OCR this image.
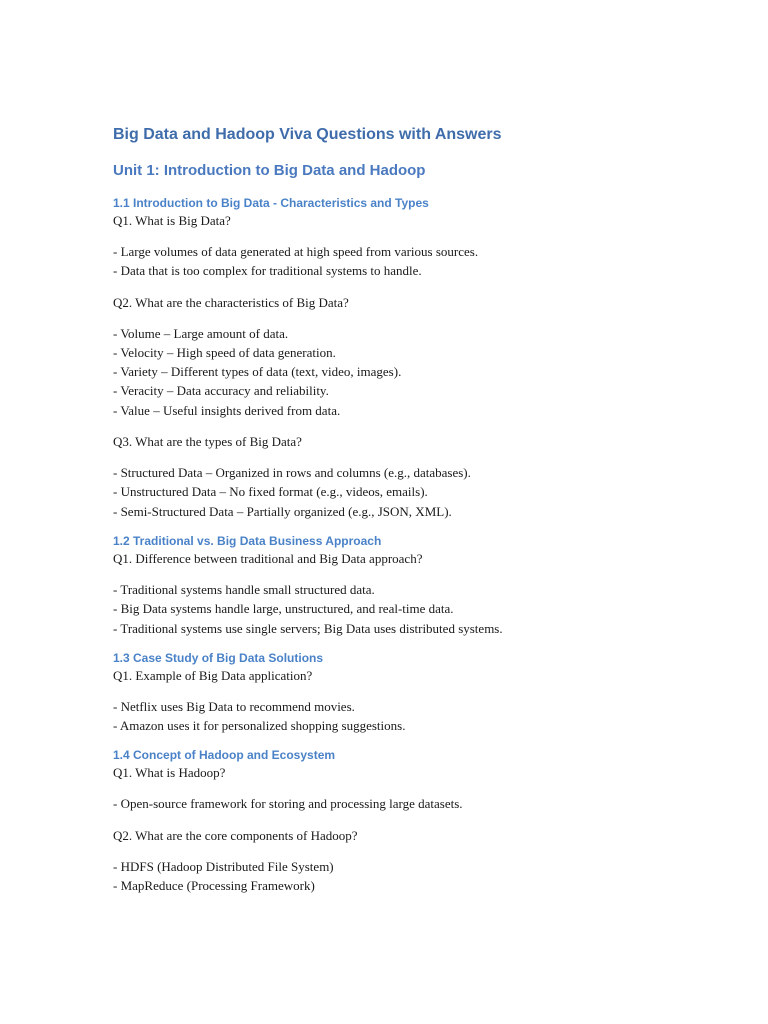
Big Data and Hadoop Viva Questions with Answers
Unit 1: Introduction to Big Data and Hadoop
1.1 Introduction to Big Data - Characteristics and Types

Q1. What is Big Data?

- Large volumes of data generated at high speed from various sources.
- Data that is too complex for traditional systems to handle.

Q2. What are the characteristics of Big Data?

- Volume – Large amount of data.
- Velocity – High speed of data generation.
- Variety – Different types of data (text, video, images).
- Veracity – Data accuracy and reliability.
- Value – Useful insights derived from data.

Q3. What are the types of Big Data?

- Structured Data – Organized in rows and columns (e.g., databases).
- Unstructured Data – No fixed format (e.g., videos, emails).
- Semi-Structured Data – Partially organized (e.g., JSON, XML).
1.2 Traditional vs. Big Data Business Approach

Q1. Difference between traditional and Big Data approach?

- Traditional systems handle small structured data.
- Big Data systems handle large, unstructured, and real-time data.
- Traditional systems use single servers; Big Data uses distributed systems.
1.3 Case Study of Big Data Solutions

Q1. Example of Big Data application?

- Netflix uses Big Data to recommend movies.
- Amazon uses it for personalized shopping suggestions.
1.4 Concept of Hadoop and Ecosystem

Q1. What is Hadoop?

- Open-source framework for storing and processing large datasets.

Q2. What are the core components of Hadoop?

- HDFS (Hadoop Distributed File System)
- MapReduce (Processing Framework)
